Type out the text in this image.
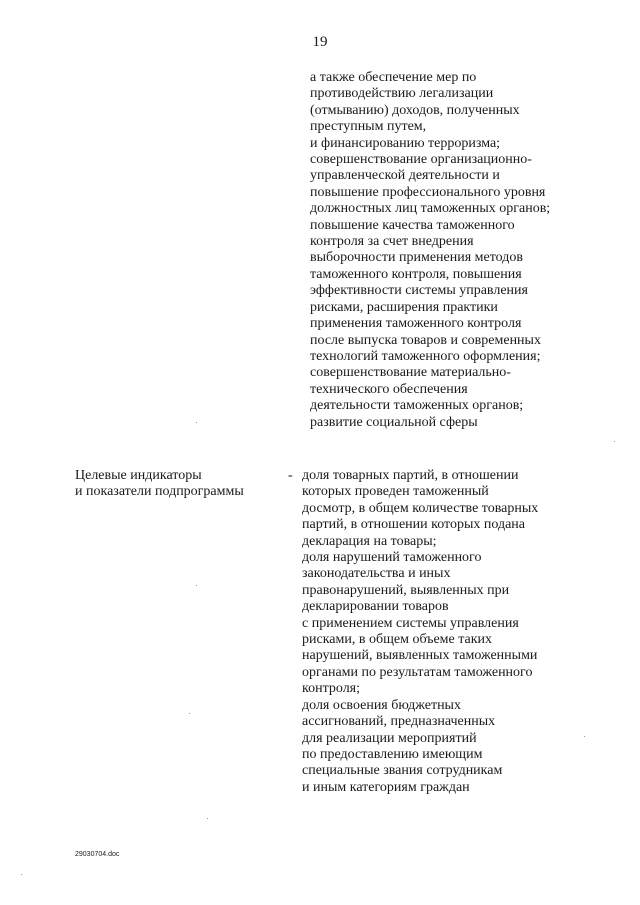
19
а также обеспечение мер по
противодействию легализации
(отмыванию) доходов, полученных
преступным путем,
и финансированию терроризма;
совершенствование организационно-
управленческой деятельности и
повышение профессионального уровня
должностных лиц таможенных органов;
повышение качества таможенного
контроля за счет внедрения
выборочности применения методов
таможенного контроля, повышения
эффективности системы управления
рисками, расширения практики
применения таможенного контроля
после выпуска товаров и современных
технологий таможенного оформления;
совершенствование материально-
технического обеспечения
деятельности таможенных органов;
развитие социальной сферы
Целевые индикаторы
и показатели подпрограммы
- доля товарных партий, в отношении
которых проведен таможенный
досмотр, в общем количестве товарных
партий, в отношении которых подана
декларация на товары;
доля нарушений таможенного
законодательства и иных
правонарушений, выявленных при
декларировании товаров
с применением системы управления
рисками, в общем объеме таких
нарушений, выявленных таможенными
органами по результатам таможенного
контроля;
доля освоения бюджетных
ассигнований, предназначенных
для реализации мероприятий
по предоставлению имеющим
специальные звания сотрудникам
и иным категориям граждан
29030704.doc
